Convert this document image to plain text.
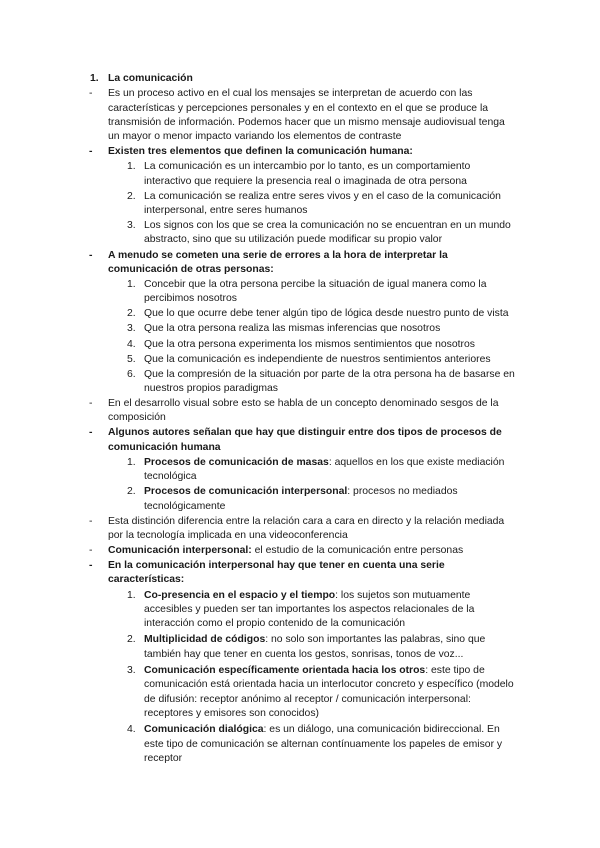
1. La comunicación
- Es un proceso activo en el cual los mensajes se interpretan de acuerdo con las características y percepciones personales y en el contexto en el que se produce la transmisión de información. Podemos hacer que un mismo mensaje audiovisual tenga un mayor o menor impacto variando los elementos de contraste
- Existen tres elementos que definen la comunicación humana:
1. La comunicación es un intercambio por lo tanto, es un comportamiento interactivo que requiere la presencia real o imaginada de otra persona
2. La comunicación se realiza entre seres vivos y en el caso de la comunicación interpersonal, entre seres humanos
3. Los signos con los que se crea la comunicación no se encuentran en un mundo abstracto, sino que su utilización puede modificar su propio valor
- A menudo se cometen una serie de errores a la hora de interpretar la comunicación de otras personas:
1. Concebir que la otra persona percibe la situación de igual manera como la percibimos nosotros
2. Que lo que ocurre debe tener algún tipo de lógica desde nuestro punto de vista
3. Que la otra persona realiza las mismas inferencias que nosotros
4. Que la otra persona experimenta los mismos sentimientos que nosotros
5. Que la comunicación es independiente de nuestros sentimientos anteriores
6. Que la compresión de la situación por parte de la otra persona ha de basarse en nuestros propios paradigmas
- En el desarrollo visual sobre esto se habla de un concepto denominado sesgos de la composición
- Algunos autores señalan que hay que distinguir entre dos tipos de procesos de comunicación humana
1. Procesos de comunicación de masas: aquellos en los que existe mediación tecnológica
2. Procesos de comunicación interpersonal: procesos no mediados tecnológicamente
- Esta distinción diferencia entre la relación cara a cara en directo y la relación mediada por la tecnología implicada en una videoconferencia
- Comunicación interpersonal: el estudio de la comunicación entre personas
- En la comunicación interpersonal hay que tener en cuenta una serie características:
1. Co-presencia en el espacio y el tiempo: los sujetos son mutuamente accesibles y pueden ser tan importantes los aspectos relacionales de la interacción como el propio contenido de la comunicación
2. Multiplicidad de códigos: no solo son importantes las palabras, sino que también hay que tener en cuenta los gestos, sonrisas, tonos de voz...
3. Comunicación específicamente orientada hacia los otros: este tipo de comunicación está orientada hacia un interlocutor concreto y específico (modelo de difusión: receptor anónimo al receptor / comunicación interpersonal: receptores y emisores son conocidos)
4. Comunicación dialógica: es un diálogo, una comunicación bidireccional. En este tipo de comunicación se alternan contínuamente los papeles de emisor y receptor
